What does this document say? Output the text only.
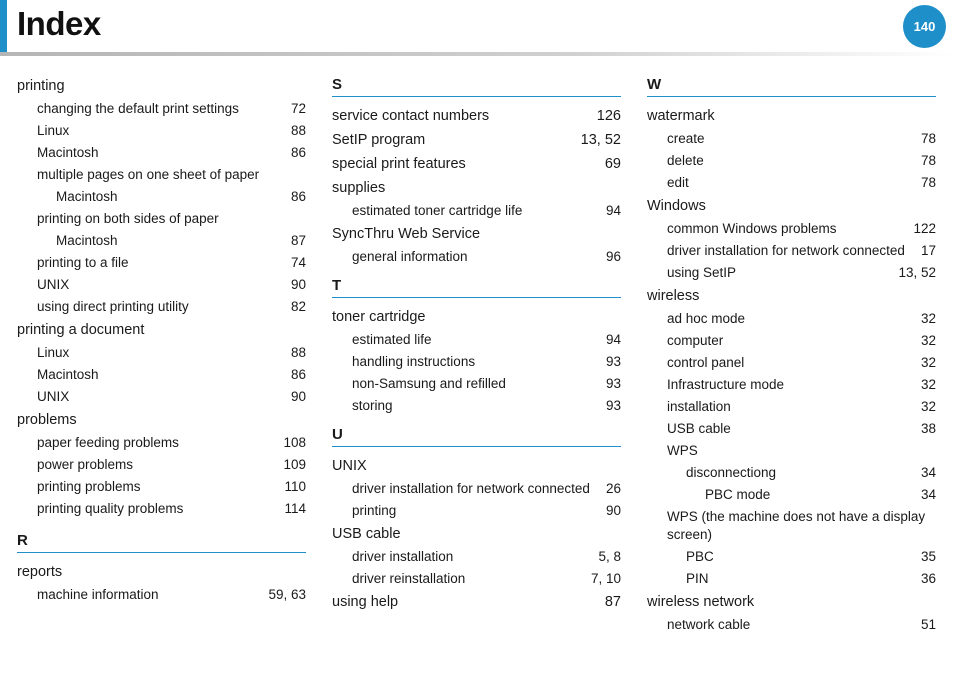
Index	140
printing
changing the default print settings	72
Linux	88
Macintosh	86
multiple pages on one sheet of paper
Macintosh	86
printing on both sides of paper
Macintosh	87
printing to a file	74
UNIX	90
using direct printing utility	82
printing a document
Linux	88
Macintosh	86
UNIX	90
problems
paper feeding problems	108
power problems	109
printing problems	110
printing quality problems	114
R
reports
machine information	59, 63
S
service contact numbers	126
SetIP program	13, 52
special print features	69
supplies
estimated toner cartridge life	94
SyncThru Web Service
general information	96
T
toner cartridge
estimated life	94
handling instructions	93
non-Samsung and refilled	93
storing	93
U
UNIX
driver installation for network connected	26
printing	90
USB cable
driver installation	5, 8
driver reinstallation	7, 10
using help	87
W
watermark
create	78
delete	78
edit	78
Windows
common Windows problems	122
driver installation for network connected	17
using SetIP	13, 52
wireless
ad hoc mode	32
computer	32
control panel	32
Infrastructure mode	32
installation	32
USB cable	38
WPS
disconnectiong	34
PBC mode	34
WPS (the machine does not have a display screen)
PBC	35
PIN	36
wireless network
network cable	51
